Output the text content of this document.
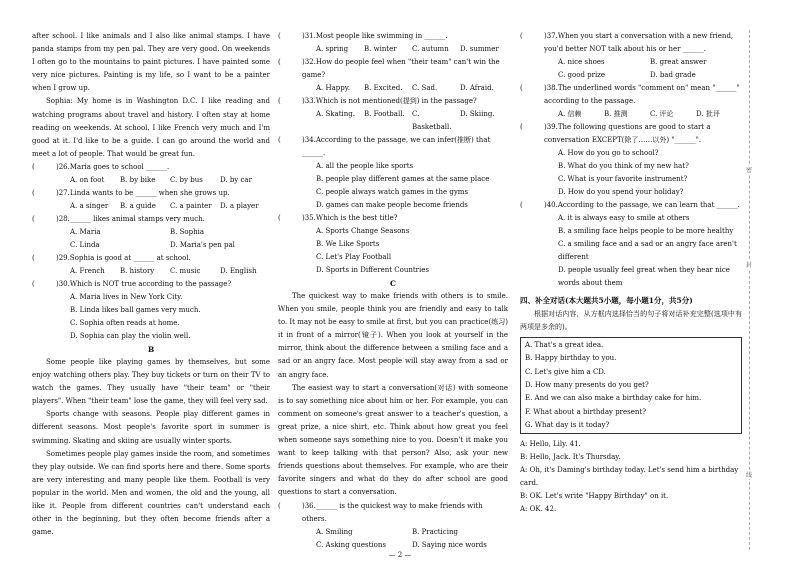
after school. I like animals and I also like animal stamps. I have panda stamps from my pen pal. They are very good. On weekends I often go to the mountains to paint pictures. I have painted some very nice pictures. Painting is my life, so I want to be a painter when I grow up.

Sophia: My home is in Washington D.C. I like reading and watching programs about travel and history. I often stay at home reading on weekends. At school, I like French very much and I'm good at it. I'd like to be a guide. I can go around the world and meet a lot of people. That would be great fun.

(	)26.Maria goes to school ______.
A. on foot	B. by bike	C. by bus	D. by car
(	)27.Linda wants to be ______ when she grows up.
A. a singer	B. a guide	C. a painter	D. a player
(	)28.______ likes animal stamps very much.
A. Maria	B. Sophia
C. Linda	D. Maria's pen pal
(	)29.Sophia is good at ______ at school.
A. French	B. history	C. music	D. English
(	)30.Which is NOT true according to the passage?
A. Maria lives in New York City.
B. Linda likes ball games very much.
C. Sophia often reads at home.
D. Sophia can play the violin well.
B

Some people like playing games by themselves, but some enjoy watching others play. They buy tickets or turn on their TV to watch the games. They usually have "their team" or "their players". When "their team" lose the game, they will feel very sad.

Sports change with seasons. People play different games in different seasons. Most people's favorite sport in summer is swimming. Skating and skiing are usually winter sports.

Sometimes people play games inside the room, and sometimes they play outside. We can find sports here and there. Some sports are very interesting and many people like them. Football is very popular in the world. Men and women, the old and the young, all like it. People from different countries can't understand each other in the beginning, but they often become friends after a game.

(	)31.Most people like swimming in ______.
A. spring	B. winter	C. autumn	D. summer
(	)32.How do people feel when "their team" can't win the game?
A. Happy.	B. Excited.	C. Sad.	D. Afraid.
(	)33.Which is not mentioned(提到) in the passage?
A. Skating.	B. Football.	C. Basketball.
D. Skiing.
(	)34.According to the passage, we can infer(推断) that ______.
A. all the people like sports
B. people play different games at the same place
C. people always watch games in the gyms
D. games can make people become friends
(	)35.Which is the best title?
A. Sports Change Seasons
B. We Like Sports
C. Let's Play Football
D. Sports in Different Countries
C

The quickest way to make friends with others is to smile. When you smile, people think you are friendly and easy to talk to. It may not be easy to smile at first, but you can practice(练习) it in front of a mirror(镜子). When you look at yourself in the mirror, think about the difference between a smiling face and a sad or an angry face. Most people will stay away from a sad or an angry face.

The easiest way to start a conversation(对话) with someone is to say something nice about him or her. For example, you can comment on someone's great answer to a teacher's question, a great prize, a nice shirt, etc. Think about how great you feel when someone says something nice to you. Doesn't it make you want to keep talking with that person? Also, ask your new friends questions about themselves. For example, who are their favorite singers and what do they do after school are good questions to start a conversation.

(	)36.______ is the quickest way to make friends with others.
A. Smiling	B. Practicing
C. Asking questions	D. Saying nice words
(	)37.When you start a conversation with a new friend, you'd better NOT talk about his or her ______.
A. nice shoes	B. great answer
C. good prize	D. bad grade
(	)38.The underlined words "comment on" mean "______" according to the passage.
A. 信赖	B. 推测	C. 评论	D. 批评
(	)39.The following questions are good to start a conversation EXCEPT(除了……以外) "______".
A. How do you go to school?
B. What do you think of my new hat?
C. What is your favorite instrument?
D. How do you spend your holiday?
(	)40.According to the passage, we can learn that ______.
A. it is always easy to smile at others
B. a smiling face helps people to be more healthy
C. a smiling face and a sad or an angry face aren't different
D. people usually feel great when they hear nice words about them
四、补全对话(本大题共5小题，每小题1分，共5分)

根据对话内容，从方框内选择恰当的句子将对话补充完整(选项中有两项是多余的)。

A. That's a great idea.
B. Happy birthday to you.
C. Let's give him a CD.
D. How many presents do you get?
E. And we can also make a birthday cake for him.
F. What about a birthday present?
G. What day is it today?
A: Hello, Lily. 41.
B: Hello, Jack. It's Thursday.
A: Oh, it's Daming's birthday today. Let's send him a birthday card.
B: OK. Let's write "Happy Birthday" on it.
A: OK. 42.
密
封
线
— 2 —
